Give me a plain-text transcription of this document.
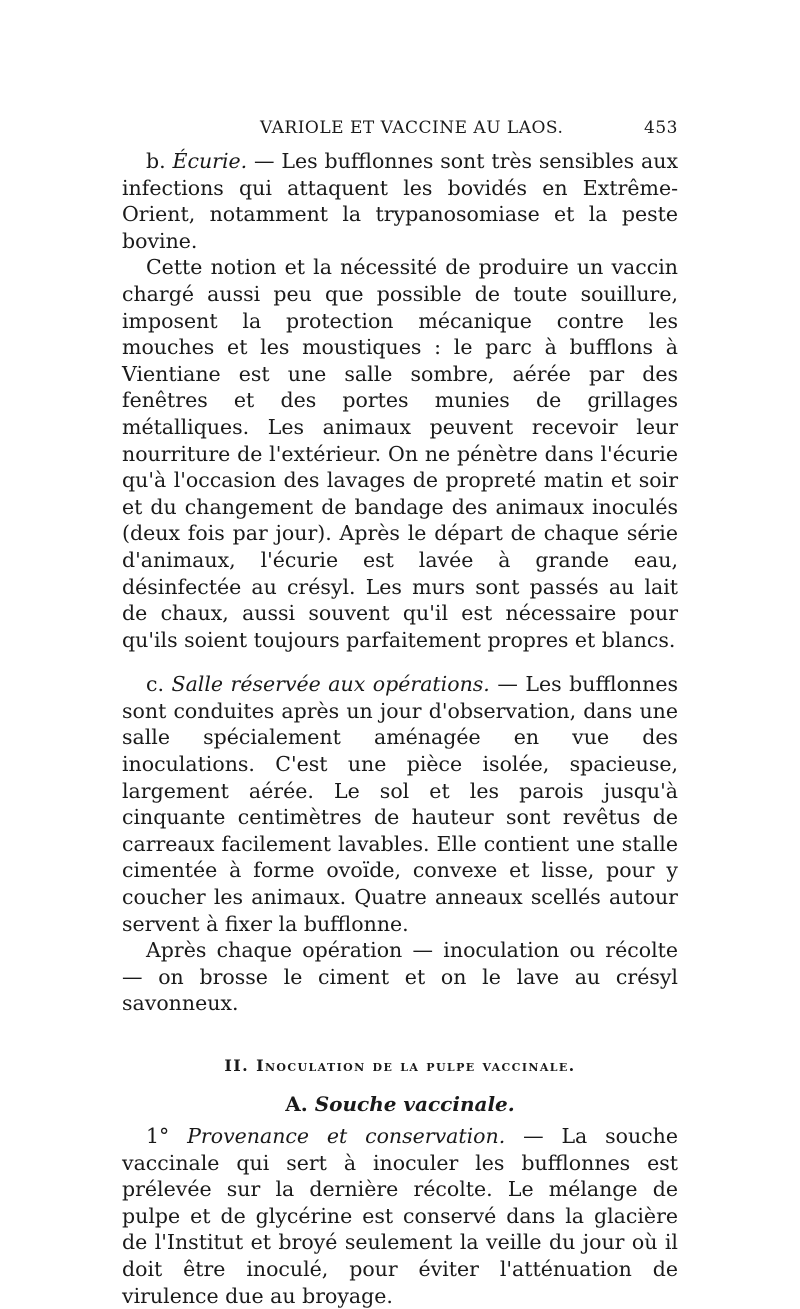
VARIOLE ET VACCINE AU LAOS.	453

b. Écurie. — Les bufflonnes sont très sensibles aux infections qui attaquent les bovidés en Extrême-Orient, notamment la trypanosomiase et la peste bovine.

Cette notion et la nécessité de produire un vaccin chargé aussi peu que possible de toute souillure, imposent la protection mécanique contre les mouches et les moustiques : le parc à bufflons à Vientiane est une salle sombre, aérée par des fenêtres et des portes munies de grillages métalliques. Les animaux peuvent recevoir leur nourriture de l'extérieur. On ne pénètre dans l'écurie qu'à l'occasion des lavages de propreté matin et soir et du changement de bandage des animaux inoculés (deux fois par jour). Après le départ de chaque série d'animaux, l'écurie est lavée à grande eau, désinfectée au crésyl. Les murs sont passés au lait de chaux, aussi souvent qu'il est nécessaire pour qu'ils soient toujours parfaitement propres et blancs.

c. Salle réservée aux opérations. — Les bufflonnes sont conduites après un jour d'observation, dans une salle spécialement aménagée en vue des inoculations. C'est une pièce isolée, spacieuse, largement aérée. Le sol et les parois jusqu'à cinquante centimètres de hauteur sont revêtus de carreaux facilement lavables. Elle contient une stalle cimentée à forme ovoïde, convexe et lisse, pour y coucher les animaux. Quatre anneaux scellés autour servent à fixer la bufflonne.

Après chaque opération — inoculation ou récolte — on brosse le ciment et on le lave au crésyl savonneux.

II. Inoculation de la pulpe vaccinale.
A. Souche vaccinale.

1° Provenance et conservation. — La souche vaccinale qui sert à inoculer les bufflonnes est prélevée sur la dernière récolte. Le mélange de pulpe et de glycérine est conservé dans la glacière de l'Institut et broyé seulement la veille du jour où il doit être inoculé, pour éviter l'atténuation de virulence due au broyage.
